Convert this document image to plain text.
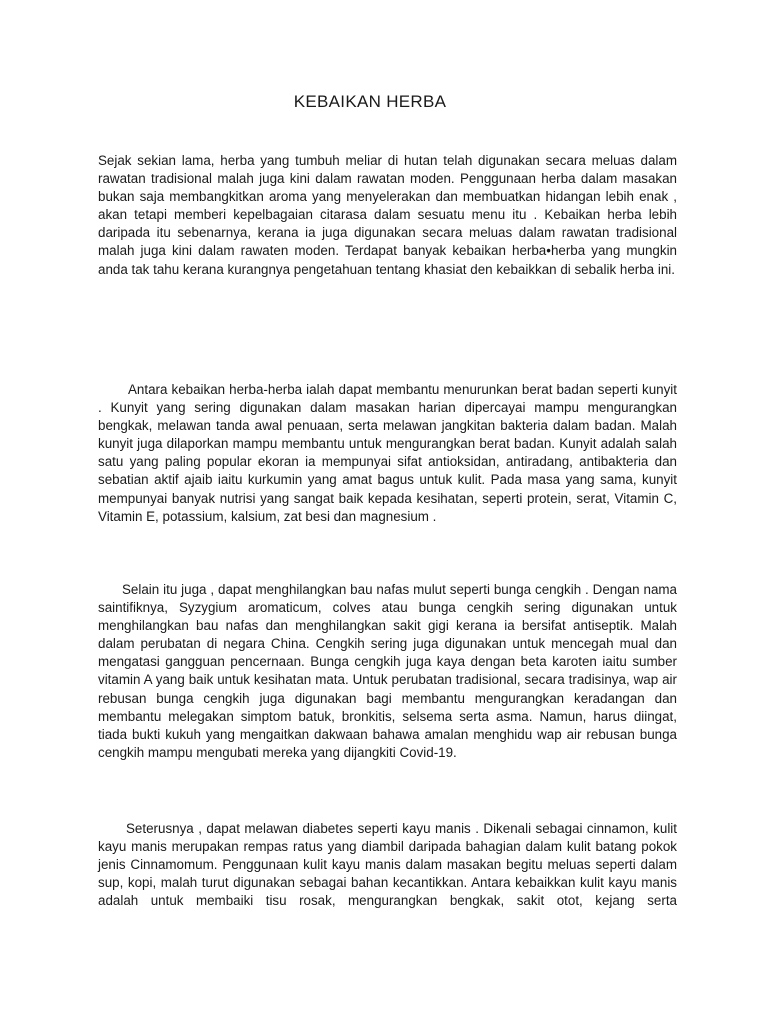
KEBAIKAN HERBA

Sejak sekian lama, herba yang tumbuh meliar di hutan telah digunakan secara meluas dalam rawatan tradisional malah juga kini dalam rawatan moden. Penggunaan herba dalam masakan bukan saja membangkitkan aroma yang menyelerakan dan membuatkan hidangan lebih enak , akan tetapi memberi kepelbagaian citarasa dalam sesuatu menu itu . Kebaikan herba lebih daripada itu sebenarnya, kerana ia juga digunakan secara meluas dalam rawatan tradisional malah juga kini dalam rawaten moden. Terdapat banyak kebaikan herba•herba yang mungkin anda tak tahu kerana kurangnya pengetahuan tentang khasiat den kebaikkan di sebalik herba ini.

Antara kebaikan herba-herba ialah dapat membantu menurunkan berat badan seperti kunyit . Kunyit yang sering digunakan dalam masakan harian dipercayai mampu mengurangkan bengkak, melawan tanda awal penuaan, serta melawan jangkitan bakteria dalam badan. Malah kunyit juga dilaporkan mampu membantu untuk mengurangkan berat badan. Kunyit adalah salah satu yang paling popular ekoran ia mempunyai sifat antioksidan, antiradang, antibakteria dan sebatian aktif ajaib iaitu kurkumin yang amat bagus untuk kulit. Pada masa yang sama, kunyit mempunyai banyak nutrisi yang sangat baik kepada kesihatan, seperti protein, serat, Vitamin C, Vitamin E, potassium, kalsium, zat besi dan magnesium .

Selain itu juga , dapat menghilangkan bau nafas mulut seperti bunga cengkih . Dengan nama saintifiknya, Syzygium aromaticum, colves atau bunga cengkih sering digunakan untuk menghilangkan bau nafas dan menghilangkan sakit gigi kerana ia bersifat antiseptik. Malah dalam perubatan di negara China. Cengkih sering juga digunakan untuk mencegah mual dan mengatasi gangguan pencernaan. Bunga cengkih juga kaya dengan beta karoten iaitu sumber vitamin A yang baik untuk kesihatan mata. Untuk perubatan tradisional, secara tradisinya, wap air rebusan bunga cengkih juga digunakan bagi membantu mengurangkan keradangan dan membantu melegakan simptom batuk, bronkitis, selsema serta asma. Namun, harus diingat, tiada bukti kukuh yang mengaitkan dakwaan bahawa amalan menghidu wap air rebusan bunga cengkih mampu mengubati mereka yang dijangkiti Covid-19.

Seterusnya , dapat melawan diabetes seperti kayu manis . Dikenali sebagai cinnamon, kulit kayu manis merupakan rempas ratus yang diambil daripada bahagian dalam kulit batang pokok jenis Cinnamomum. Penggunaan kulit kayu manis dalam masakan begitu meluas seperti dalam sup, kopi, malah turut digunakan sebagai bahan kecantikkan. Antara kebaikkan kulit kayu manis adalah untuk membaiki tisu rosak, mengurangkan bengkak, sakit otot, kejang serta
